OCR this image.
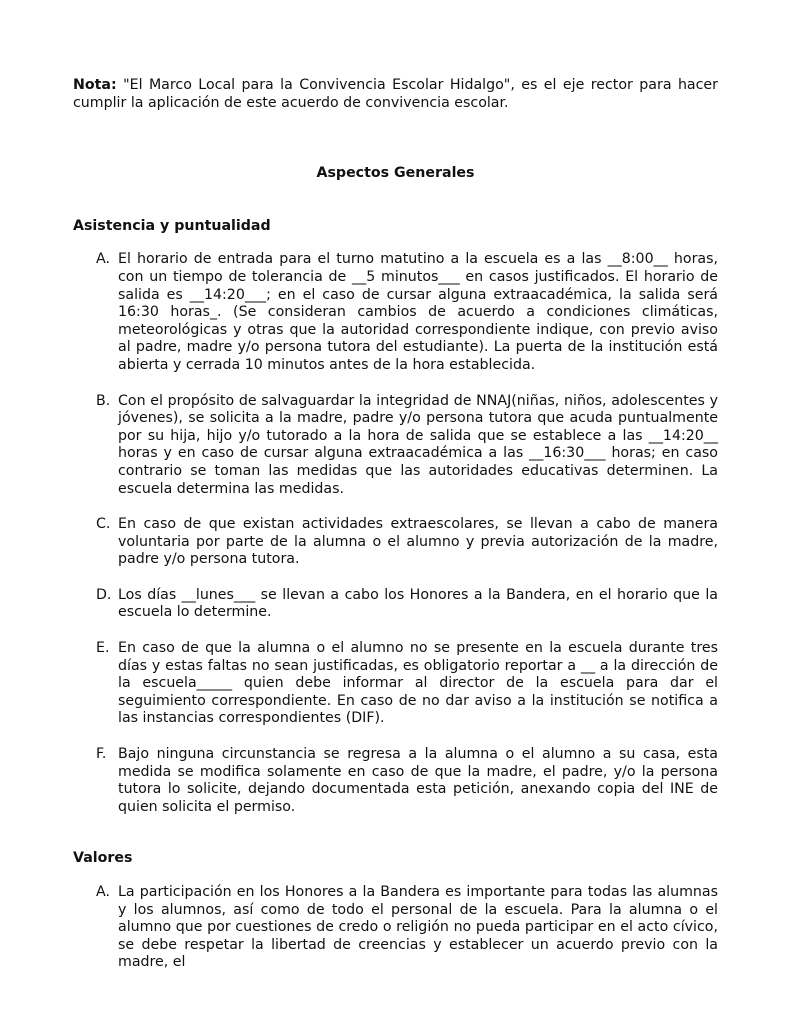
Nota: "El Marco Local para la Convivencia Escolar Hidalgo", es el eje rector para hacer cumplir la aplicación de este acuerdo de convivencia escolar.

Aspectos Generales
Asistencia y puntualidad
A. El horario de entrada para el turno matutino a la escuela es a las __8:00__ horas, con un tiempo de tolerancia de __5 minutos___ en casos justificados. El horario de salida es __14:20___; en el caso de cursar alguna extraacadémica, la salida será 16:30 horas_. (Se consideran cambios de acuerdo a condiciones climáticas, meteorológicas y otras que la autoridad correspondiente indique, con previo aviso al padre, madre y/o persona tutora del estudiante). La puerta de la institución está abierta y cerrada 10 minutos antes de la hora establecida.
B. Con el propósito de salvaguardar la integridad de NNAJ(niñas, niños, adolescentes y jóvenes), se solicita a la madre, padre y/o persona tutora que acuda puntualmente por su hija, hijo y/o tutorado a la hora de salida que se establece a las __14:20__ horas y en caso de cursar alguna extraacadémica a las __16:30___ horas; en caso contrario se toman las medidas que las autoridades educativas determinen. La escuela determina las medidas.
C. En caso de que existan actividades extraescolares, se llevan a cabo de manera voluntaria por parte de la alumna o el alumno y previa autorización de la madre, padre y/o persona tutora.
D. Los días __lunes___ se llevan a cabo los Honores a la Bandera, en el horario que la escuela lo determine.
E. En caso de que la alumna o el alumno no se presente en la escuela durante tres días y estas faltas no sean justificadas, es obligatorio reportar a __ a la dirección de la escuela_____ quien debe informar al director de la escuela para dar el seguimiento correspondiente. En caso de no dar aviso a la institución se notifica a las instancias correspondientes (DIF).
F. Bajo ninguna circunstancia se regresa a la alumna o el alumno a su casa, esta medida se modifica solamente en caso de que la madre, el padre, y/o la persona tutora lo solicite, dejando documentada esta petición, anexando copia del INE de quien solicita el permiso.
Valores
A. La participación en los Honores a la Bandera es importante para todas las alumnas y los alumnos, así como de todo el personal de la escuela. Para la alumna o el alumno que por cuestiones de credo o religión no pueda participar en el acto cívico, se debe respetar la libertad de creencias y establecer un acuerdo previo con la madre, el
